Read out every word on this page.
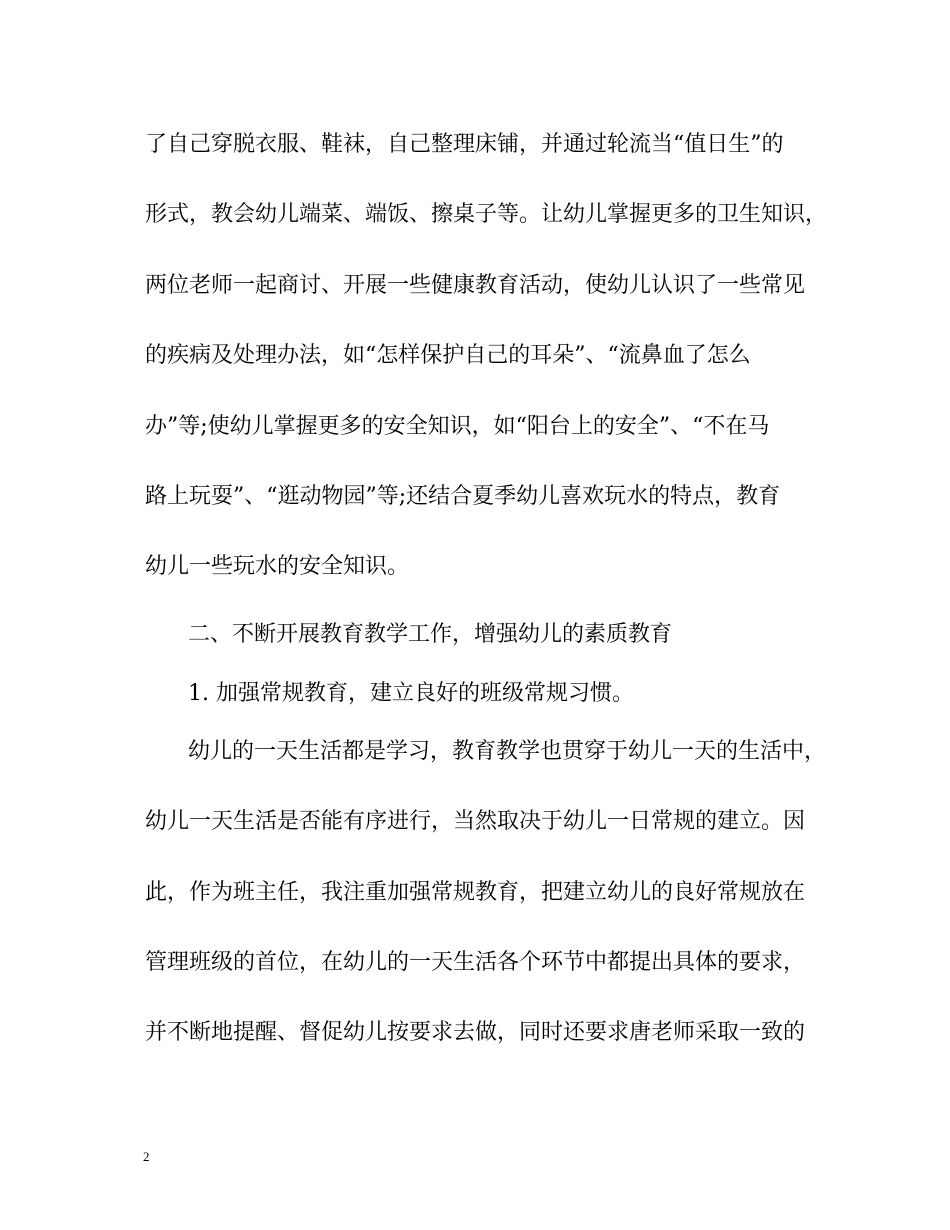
了自己穿脱衣服、鞋袜，自己整理床铺，并通过轮流当“值日生”的

形式，教会幼儿端菜、端饭、擦桌子等。让幼儿掌握更多的卫生知识，

两位老师一起商讨、开展一些健康教育活动，使幼儿认识了一些常见

的疾病及处理办法，如“怎样保护自己的耳朵”、“流鼻血了怎么

办”等;使幼儿掌握更多的安全知识，如“阳台上的安全”、“不在马

路上玩耍”、“逛动物园”等;还结合夏季幼儿喜欢玩水的特点，教育

幼儿一些玩水的安全知识。

二、不断开展教育教学工作，增强幼儿的素质教育

1. 加强常规教育，建立良好的班级常规习惯。

幼儿的一天生活都是学习，教育教学也贯穿于幼儿一天的生活中，

幼儿一天生活是否能有序进行，当然取决于幼儿一日常规的建立。因

此，作为班主任，我注重加强常规教育，把建立幼儿的良好常规放在

管理班级的首位，在幼儿的一天生活各个环节中都提出具体的要求，

并不断地提醒、督促幼儿按要求去做，同时还要求唐老师采取一致的

2
